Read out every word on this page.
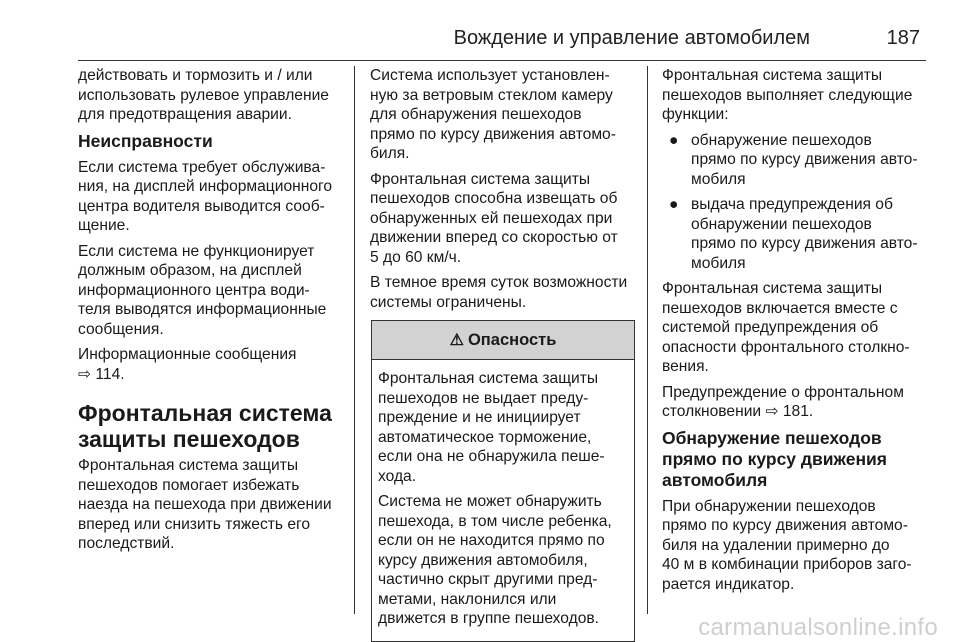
Вождение и управление автомобилем	187
действовать и тормозить и / или
использовать рулевое управление
для предотвращения аварии.
Неисправности
Если система требует обслужива-
ния, на дисплей информационного
центра водителя выводится сооб-
щение.
Если система не функционирует
должным образом, на дисплей
информационного центра води-
теля выводятся информационные
сообщения.
Информационные сообщения
⇨ 114.
Фронтальная система
защиты пешеходов
Фронтальная система защиты
пешеходов помогает избежать
наезда на пешехода при движении
вперед или снизить тяжесть его
последствий.
Система использует установлен-
ную за ветровым стеклом камеру
для обнаружения пешеходов
прямо по курсу движения автомо-
биля.
Фронтальная система защиты
пешеходов способна извещать об
обнаруженных ей пешеходах при
движении вперед со скоростью от
5 до 60 км/ч.
В темное время суток возможности
системы ограничены.
⚠ Опасность
Фронтальная система защиты
пешеходов не выдает преду-
преждение и не инициирует
автоматическое торможение,
если она не обнаружила пеше-
хода.
Система не может обнаружить
пешехода, в том числе ребенка,
если он не находится прямо по
курсу движения автомобиля,
частично скрыт другими пред-
метами, наклонился или
движется в группе пешеходов.
Фронтальная система защиты
пешеходов выполняет следующие
функции:
● обнаружение пешеходов
прямо по курсу движения авто-
мобиля
● выдача предупреждения об
обнаружении пешеходов
прямо по курсу движения авто-
мобиля
Фронтальная система защиты
пешеходов включается вместе с
системой предупреждения об
опасности фронтального столкно-
вения.
Предупреждение о фронтальном
столкновении ⇨ 181.
Обнаружение пешеходов
прямо по курсу движения
автомобиля
При обнаружении пешеходов
прямо по курсу движения автомо-
биля на удалении примерно до
40 м в комбинации приборов заго-
рается индикатор.
carmanualsonline.info
